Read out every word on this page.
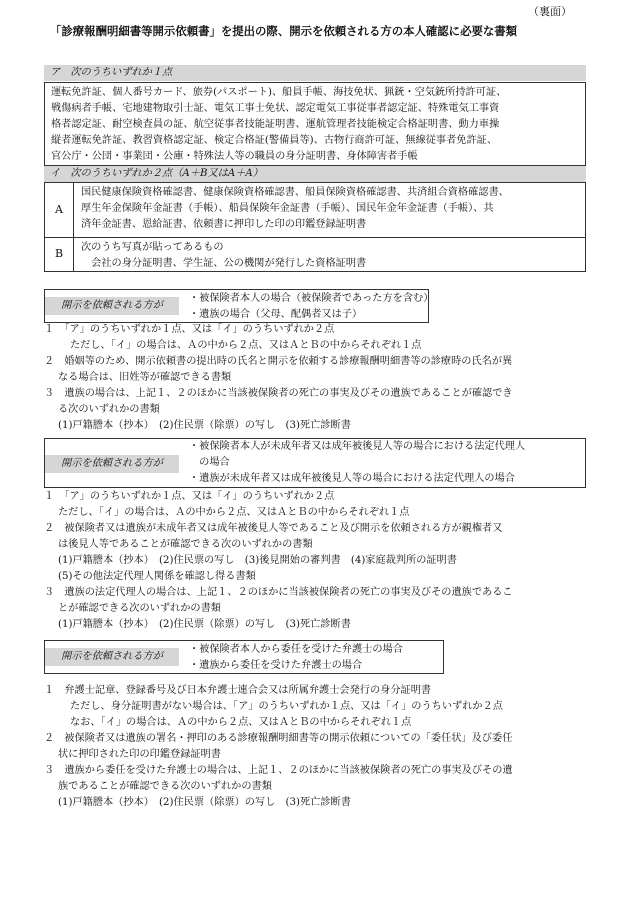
（裏面）
「診療報酬明細書等開示依頼書」を提出の際、開示を依頼される方の本人確認に必要な書類
ア　次のうちいずれか１点
運転免許証、個人番号カード、旅券(パスポート)、船員手帳、海技免状、猟銃・空気銃所持許可証、
戦傷病者手帳、宅地建物取引士証、電気工事士免状、認定電気工事従事者認定証、特殊電気工事資
格者認定証、耐空検査員の証、航空従事者技能証明書、運航管理者技能検定合格証明書、動力車操
縦者運転免許証、教習資格認定証、検定合格証(警備員等)、古物行商許可証、無線従事者免許証、
官公庁・公団・事業団・公庫・特殊法人等の職員の身分証明書、身体障害者手帳
イ　次のうちいずれか２点（A＋B又はA＋A）
A
国民健康保険資格確認書、健康保険資格確認書、船員保険資格確認書、共済組合資格確認書、
厚生年金保険年金証書（手帳）、船員保険年金証書（手帳）、国民年金年金証書（手帳）、共
済年金証書、恩給証書、依頼書に押印した印の印鑑登録証明書
B	次のうち写真が貼ってあるもの
　会社の身分証明書、学生証、公の機関が発行した資格証明書
開示を依頼される方が
・被保険者本人の場合（被保険者であった方を含む）
・遺族の場合（父母、配偶者又は子）
１　「ア」のうちいずれか１点、又は「イ」のうちいずれか２点
ただし、「イ」の場合は、Ａの中から２点、又はＡとＢの中からそれぞれ１点
２　婚姻等のため、開示依頼書の提出時の氏名と開示を依頼する診療報酬明細書等の診療時の氏名が異
なる場合は、旧姓等が確認できる書類
３　遺族の場合は、上記１、２のほかに当該被保険者の死亡の事実及びその遺族であることが確認でき
る次のいずれかの書類
(1)戸籍謄本（抄本）　(2)住民票（除票）の写し　(3)死亡診断書
開示を依頼される方が
・被保険者本人が未成年者又は成年被後見人等の場合における法定代理人
　の場合
・遺族が未成年者又は成年被後見人等の場合における法定代理人の場合
１　「ア」のうちいずれか１点、又は「イ」のうちいずれか２点
ただし、「イ」の場合は、Ａの中から２点、又はＡとＢの中からそれぞれ１点
２　被保険者又は遺族が未成年者又は成年被後見人等であること及び開示を依頼される方が親権者又
は後見人等であることが確認できる次のいずれかの書類
(1)戸籍謄本（抄本）　(2)住民票の写し　(3)後見開始の審判書　(4)家庭裁判所の証明書
(5)その他法定代理人関係を確認し得る書類
３　遺族の法定代理人の場合は、上記１、２のほかに当該被保険者の死亡の事実及びその遺族であるこ
とが確認できる次のいずれかの書類
(1)戸籍謄本（抄本）　(2)住民票（除票）の写し　(3)死亡診断書
開示を依頼される方が
・被保険者本人から委任を受けた弁護士の場合
・遺族から委任を受けた弁護士の場合
１　弁護士記章、登録番号及び日本弁護士連合会又は所属弁護士会発行の身分証明書
ただし、身分証明書がない場合は、「ア」のうちいずれか１点、又は「イ」のうちいずれか２点
なお、「イ」の場合は、Ａの中から２点、又はＡとＢの中からそれぞれ１点
２　被保険者又は遺族の署名・押印のある診療報酬明細書等の開示依頼についての「委任状」及び委任
状に押印された印の印鑑登録証明書
３　遺族から委任を受けた弁護士の場合は、上記１、２のほかに当該被保険者の死亡の事実及びその遺
族であることが確認できる次のいずれかの書類
(1)戸籍謄本（抄本）　(2)住民票（除票）の写し　(3)死亡診断書
